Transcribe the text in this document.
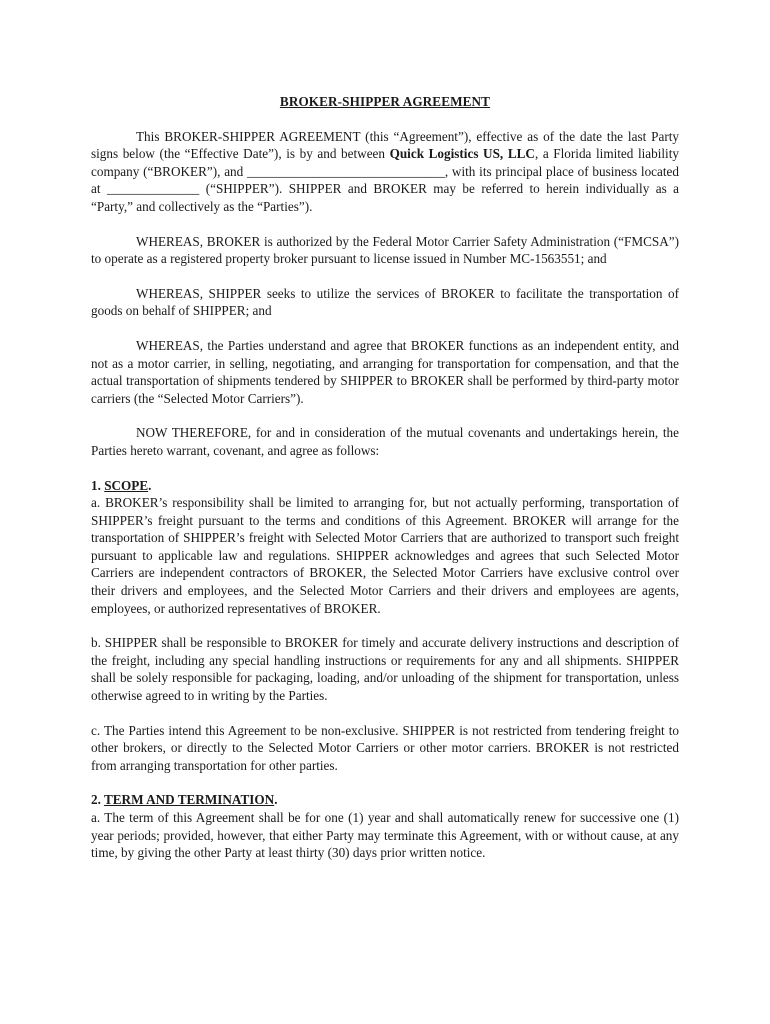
BROKER-SHIPPER AGREEMENT

This BROKER-SHIPPER AGREEMENT (this “Agreement”), effective as of the date the last Party signs below (the “Effective Date”), is by and between Quick Logistics US, LLC, a Florida limited liability company (“BROKER”), and ______________________________, with its principal place of business located at ______________ (“SHIPPER”). SHIPPER and BROKER may be referred to herein individually as a “Party,” and collectively as the “Parties”).

WHEREAS, BROKER is authorized by the Federal Motor Carrier Safety Administration (“FMCSA”) to operate as a registered property broker pursuant to license issued in Number MC-1563551; and

WHEREAS, SHIPPER seeks to utilize the services of BROKER to facilitate the transportation of goods on behalf of SHIPPER; and

WHEREAS, the Parties understand and agree that BROKER functions as an independent entity, and not as a motor carrier, in selling, negotiating, and arranging for transportation for compensation, and that the actual transportation of shipments tendered by SHIPPER to BROKER shall be performed by third-party motor carriers (the “Selected Motor Carriers”).

NOW THEREFORE, for and in consideration of the mutual covenants and undertakings herein, the Parties hereto warrant, covenant, and agree as follows:

1. SCOPE.

a. BROKER’s responsibility shall be limited to arranging for, but not actually performing, transportation of SHIPPER’s freight pursuant to the terms and conditions of this Agreement. BROKER will arrange for the transportation of SHIPPER’s freight with Selected Motor Carriers that are authorized to transport such freight pursuant to applicable law and regulations. SHIPPER acknowledges and agrees that such Selected Motor Carriers are independent contractors of BROKER, the Selected Motor Carriers have exclusive control over their drivers and employees, and the Selected Motor Carriers and their drivers and employees are agents, employees, or authorized representatives of BROKER.

b. SHIPPER shall be responsible to BROKER for timely and accurate delivery instructions and description of the freight, including any special handling instructions or requirements for any and all shipments. SHIPPER shall be solely responsible for packaging, loading, and/or unloading of the shipment for transportation, unless otherwise agreed to in writing by the Parties.

c. The Parties intend this Agreement to be non-exclusive. SHIPPER is not restricted from tendering freight to other brokers, or directly to the Selected Motor Carriers or other motor carriers. BROKER is not restricted from arranging transportation for other parties.

2. TERM AND TERMINATION.

a. The term of this Agreement shall be for one (1) year and shall automatically renew for successive one (1) year periods; provided, however, that either Party may terminate this Agreement, with or without cause, at any time, by giving the other Party at least thirty (30) days prior written notice.
